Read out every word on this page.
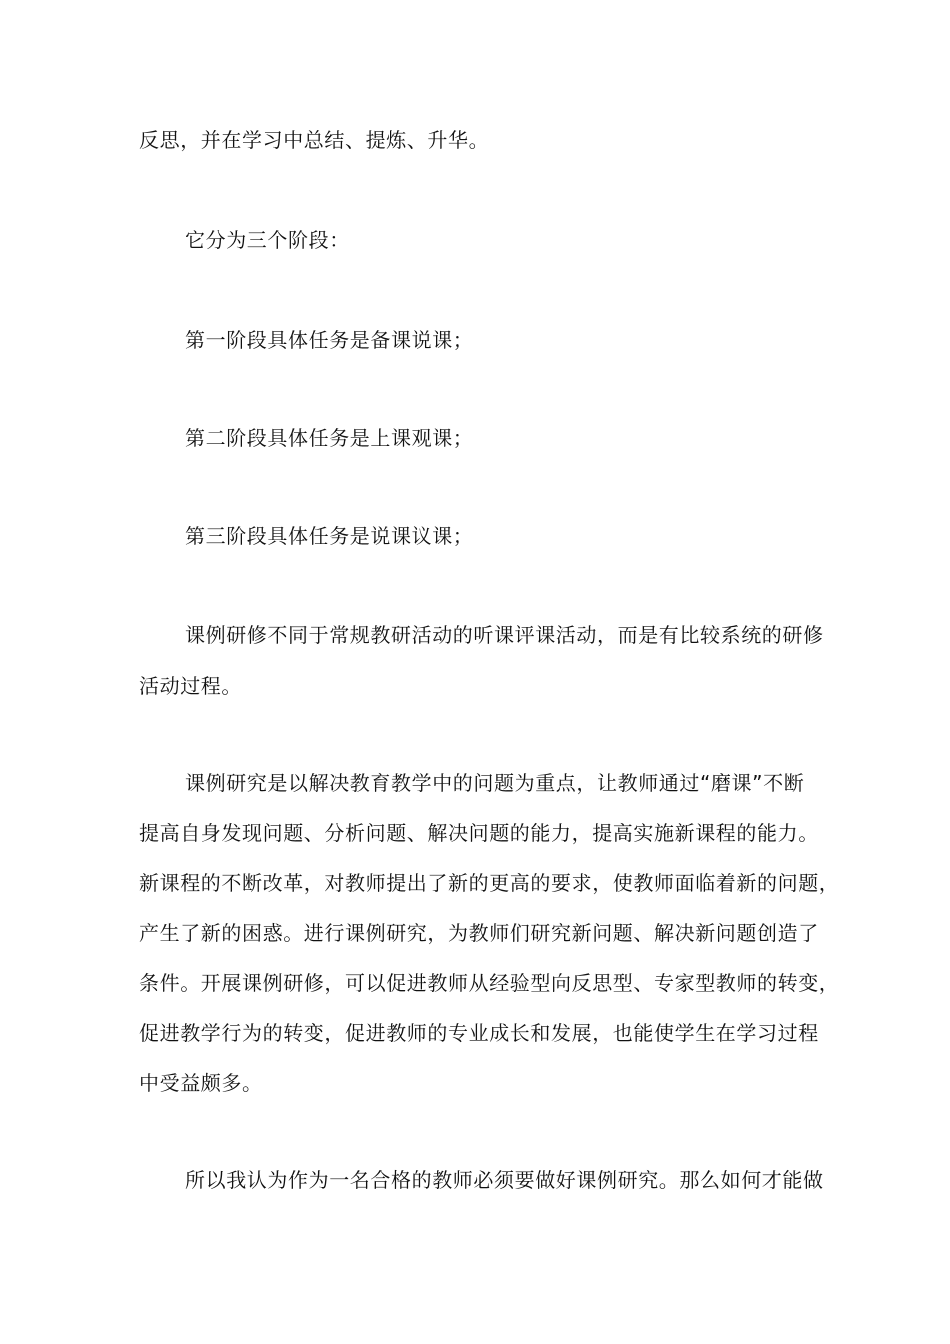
反思，并在学习中总结、提炼、升华。
它分为三个阶段：
第一阶段具体任务是备课说课；
第二阶段具体任务是上课观课；
第三阶段具体任务是说课议课；
课例研修不同于常规教研活动的听课评课活动，而是有比较系统的研修
活动过程。
课例研究是以解决教育教学中的问题为重点，让教师通过“磨课”不断
提高自身发现问题、分析问题、解决问题的能力，提高实施新课程的能力。
新课程的不断改革，对教师提出了新的更高的要求，使教师面临着新的问题，
产生了新的困惑。进行课例研究，为教师们研究新问题、解决新问题创造了
条件。开展课例研修，可以促进教师从经验型向反思型、专家型教师的转变，
促进教学行为的转变，促进教师的专业成长和发展，也能使学生在学习过程
中受益颇多。
所以我认为作为一名合格的教师必须要做好课例研究。那么如何才能做
